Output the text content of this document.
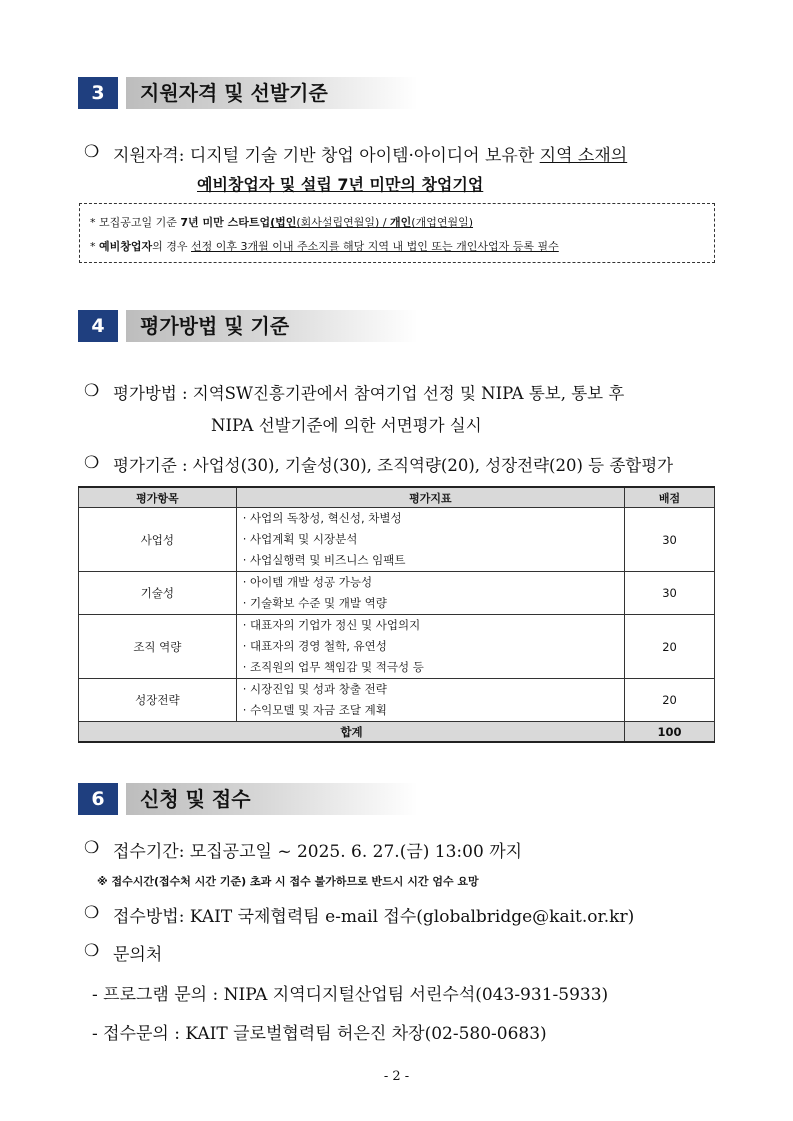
3	지원자격 및 선발기준
❍ 지원자격: 디지털 기술 기반 창업 아이템·아이디어 보유한 지역 소재의
예비창업자 및 설립 7년 미만의 창업기업
* 모집공고일 기준 7년 미만 스타트업(법인(회사설립연월일) / 개인(개업연월일)
* 예비창업자의 경우 선정 이후 3개월 이내 주소지를 해당 지역 내 법인 또는 개인사업자 등록 필수
4	평가방법 및 기준
❍ 평가방법 : 지역SW진흥기관에서 참여기업 선정 및 NIPA 통보, 통보 후
NIPA 선발기준에 의한 서면평가 실시
❍ 평가기준 : 사업성(30), 기술성(30), 조직역량(20), 성장전략(20) 등 종합평가
평가항목	평가지표	배점
사업성	· 사업의 독창성, 혁신성, 차별성
· 사업계획 및 시장분석
· 사업실행력 및 비즈니스 임팩트	30
기술성	· 아이템 개발 성공 가능성
· 기술확보 수준 및 개발 역량	30
조직 역량	· 대표자의 기업가 정신 및 사업의지
· 대표자의 경영 철학, 유연성
· 조직원의 업무 책임감 및 적극성 등	20
성장전략	· 시장진입 및 성과 창출 전략
· 수익모델 및 자금 조달 계획	20
합계		100
6	신청 및 접수
❍ 접수기간: 모집공고일 ~ 2025. 6. 27.(금) 13:00 까지
※ 접수시간(접수처 시간 기준) 초과 시 접수 불가하므로 반드시 시간 엄수 요망
❍ 접수방법: KAIT 국제협력팀 e-mail 접수(globalbridge@kait.or.kr)
❍ 문의처
- 프로그램 문의 : NIPA 지역디지털산업팀 서린수석(043-931-5933)
- 접수문의 : KAIT 글로벌협력팀 허은진 차장(02-580-0683)
- 2 -
